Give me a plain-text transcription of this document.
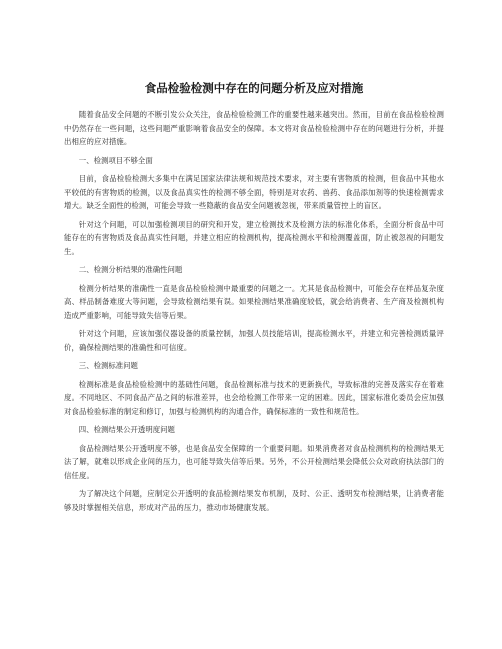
食品检验检测中存在的问题分析及应对措施

随着食品安全问题的不断引发公众关注，食品检验检测工作的重要性越来越突出。然而，目前在食品检验检测中仍然存在一些问题，这些问题严重影响着食品安全的保障。本文将对食品检验检测中存在的问题进行分析，并提出相应的应对措施。

一、检测项目不够全面

目前，食品检验检测大多集中在满足国家法律法规和规范技术要求，对主要有害物质的检测，但食品中其他水平较低的有害物质的检测，以及食品真实性的检测不够全面，特别是对农药、兽药、食品添加剂等的快速检测需求增大。缺乏全面性的检测，可能会导致一些隐蔽的食品安全问题被忽视，带来质量管控上的盲区。

针对这个问题，可以加强检测项目的研究和开发，建立检测技术及检测方法的标准化体系，全面分析食品中可能存在的有害物质及食品真实性问题，并建立相应的检测机构，提高检测水平和检测覆盖面，防止被忽视的问题发生。

二、检测分析结果的准确性问题

检测分析结果的准确性一直是食品检验检测中最重要的问题之一。尤其是食品检测中，可能会存在样品复杂度高、样品制备难度大等问题，会导致检测结果有误。如果检测结果准确度较低，就会给消费者、生产商及检测机构造成严重影响，可能导致失信等后果。

针对这个问题，应该加强仪器设备的质量控制，加强人员技能培训，提高检测水平，并建立和完善检测质量评价，确保检测结果的准确性和可信度。

三、检测标准问题

检测标准是食品检验检测中的基础性问题，食品检测标准与技术的更新换代，导致标准的完善及落实存在着难度。不同地区、不同食品产品之间的标准差异，也会给检测工作带来一定的困难。因此，国家标准化委员会应加强对食品检验标准的制定和修订，加强与检测机构的沟通合作，确保标准的一致性和规范性。

四、检测结果公开透明度问题

食品检测结果公开透明度不够，也是食品安全保障的一个重要问题。如果消费者对食品检测机构的检测结果无法了解，就难以形成企业间的压力，也可能导致失信等后果。另外，不公开检测结果会降低公众对政府执法部门的信任度。

为了解决这个问题，应制定公开透明的食品检测结果发布机制，及时、公正、透明发布检测结果，让消费者能够及时掌握相关信息，形成对产品的压力，推动市场健康发展。
